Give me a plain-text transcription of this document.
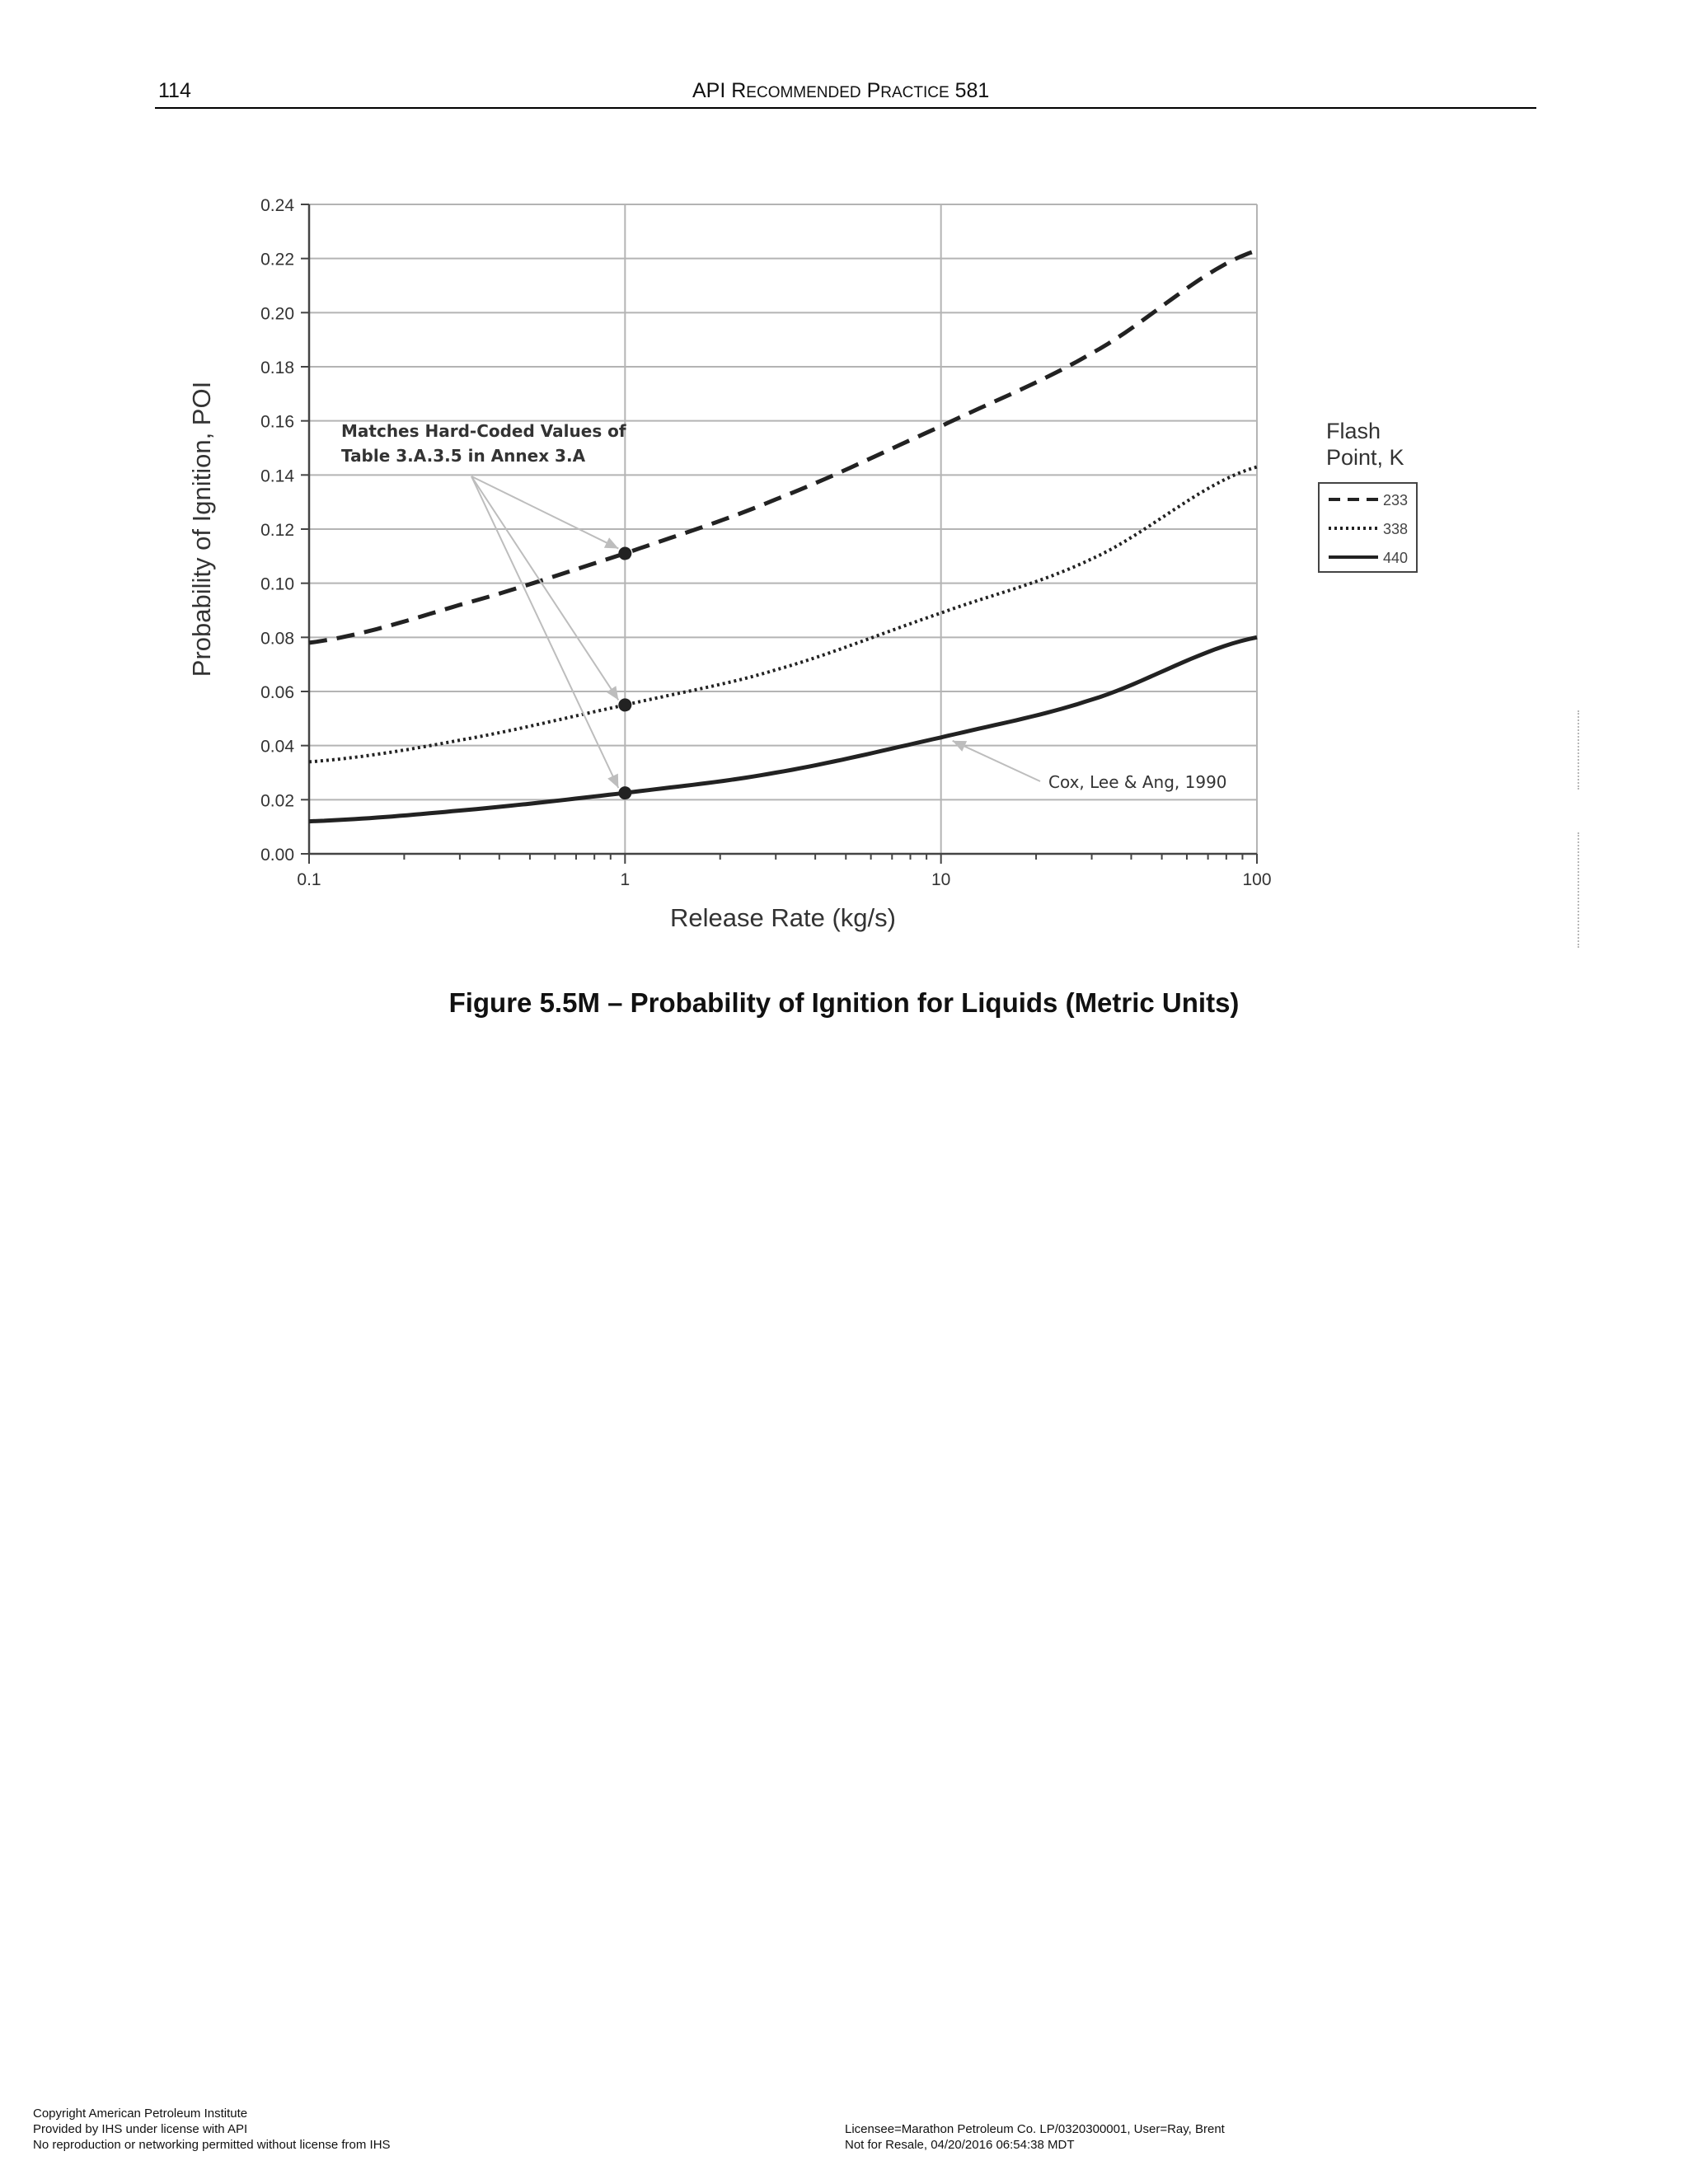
114	API RECOMMENDED PRACTICE 581
0.00
0.02
0.04
0.06
0.08
0.10
0.12
0.14
0.16
0.18
0.20
0.22
0.24
0.1	1	10	100
Release Rate (kg/s)
Probability of Ignition, POI	Matches Hard-Coded Values of
Table 3.A.3.5 in Annex 3.A
Cox, Lee & Ang, 1990
Flash
Point, K
233
338
440
Figure 5.5M – Probability of Ignition for Liquids (Metric Units)
Copyright American Petroleum Institute
Provided by IHS under license with API
No reproduction or networking permitted without license from IHS
Licensee=Marathon Petroleum Co. LP/0320300001, User=Ray, Brent
Not for Resale, 04/20/2016 06:54:38 MDT
